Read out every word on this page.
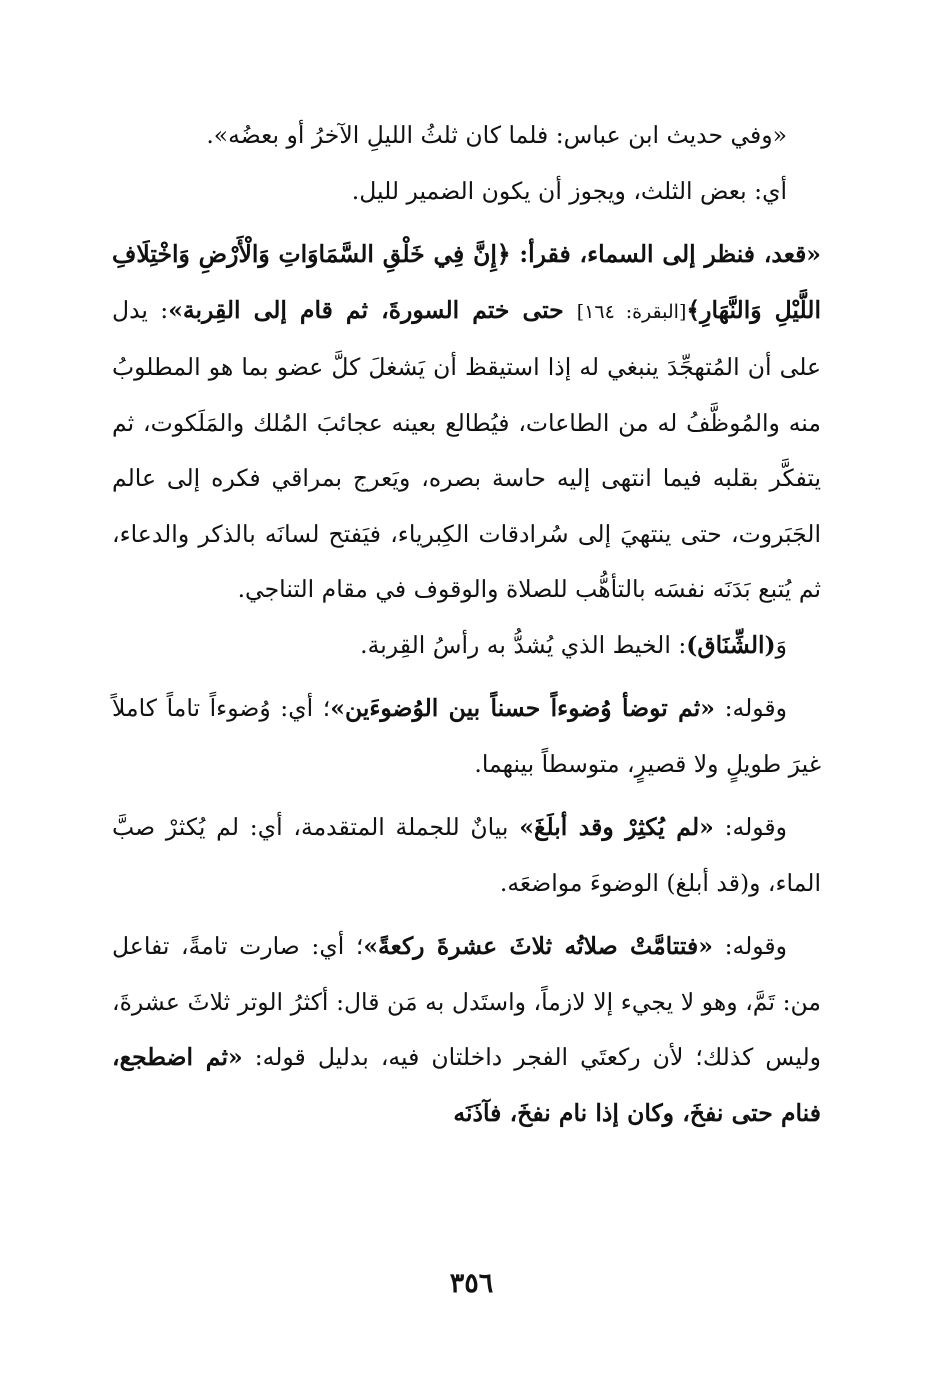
«وفي حديث ابن عباس: فلما كان ثلثُ الليلِ الآخرُ أو بعضُه».

أي: بعض الثلث، ويجوز أن يكون الضمير لليل.

«قعد، فنظر إلى السماء، فقرأ: ﴿إِنَّ فِي خَلْقِ السَّمَاوَاتِ وَالْأَرْضِ وَاخْتِلَافِ اللَّيْلِ وَالنَّهَارِ﴾[البقرة: ١٦٤] حتى ختم السورةَ، ثم قام إلى القِربة»: يدل على أن المُتهجِّدَ ينبغي له إذا استيقظ أن يَشغلَ كلَّ عضو بما هو المطلوبُ منه والمُوظَّفُ له من الطاعات، فيُطالع بعينه عجائبَ المُلك والمَلَكوت، ثم يتفكَّر بقلبه فيما انتهى إليه حاسة بصره، ويَعرج بمراقي فكره إلى عالم الجَبَروت، حتى ينتهيَ إلى سُرادقات الكِبرياء، فيَفتح لسانَه بالذكر والدعاء، ثم يُتبع بَدَنَه نفسَه بالتأهُّب للصلاة والوقوف في مقام التناجي.

وَ(الشِّنَاق): الخيط الذي يُشدُّ به رأسُ القِربة.

وقوله: «ثم توضأ وُضوءاً حسناً بين الوُضوءَين»؛ أي: وُضوءاً تاماً كاملاً غيرَ طويلٍ ولا قصيرٍ، متوسطاً بينهما.

وقوله: «لم يُكثِرْ وقد أبلَغَ» بيانٌ للجملة المتقدمة، أي: لم يُكثرْ صبَّ الماء، و(قد أبلغ) الوضوءَ مواضعَه.

وقوله: «فتتامَّتْ صلاتُه ثلاثَ عشرةَ ركعةً»؛ أي: صارت تامةً، تفاعل من: تَمَّ، وهو لا يجيء إلا لازماً، واستَدل به مَن قال: أكثرُ الوتر ثلاثَ عشرةَ، وليس كذلك؛ لأن ركعتَي الفجر داخلتان فيه، بدليل قوله: «ثم اضطجع، فنام حتى نفخَ، وكان إذا نام نفخَ، فآذَنَه

٣٥٦
